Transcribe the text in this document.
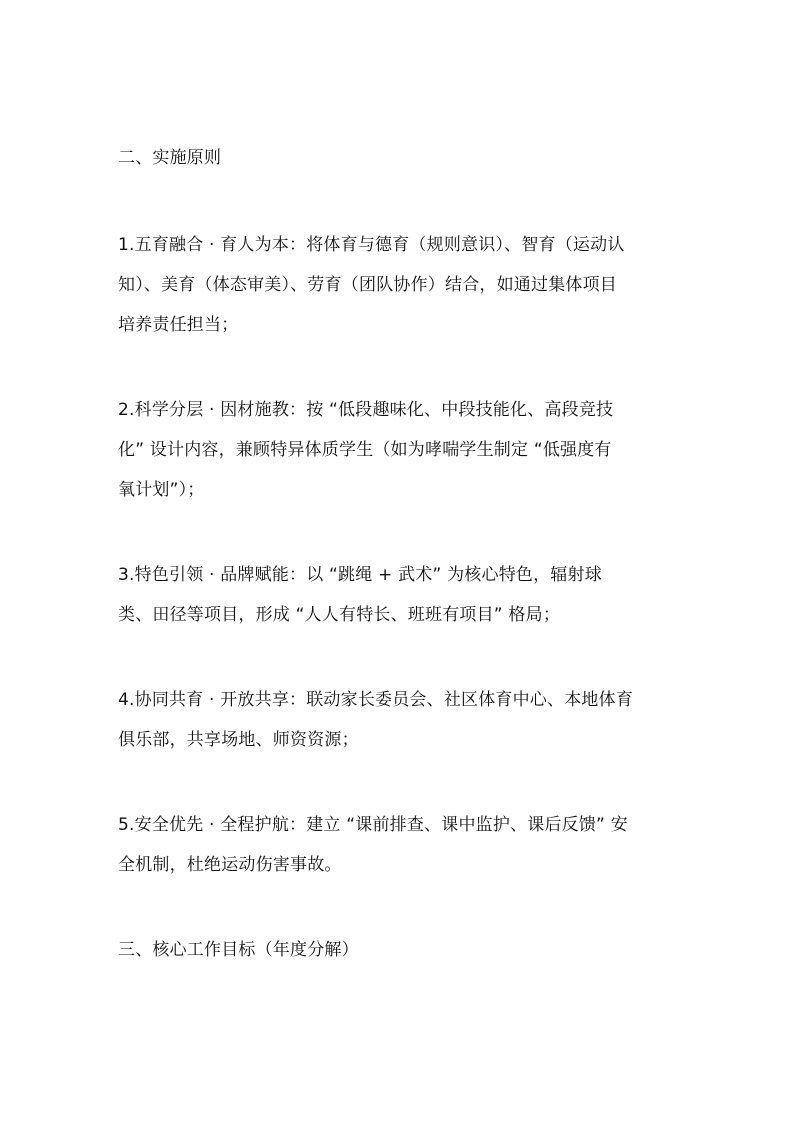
二、实施原则
1.五育融合 · 育人为本：将体育与德育（规则意识）、智育（运动认
知）、美育（体态审美）、劳育（团队协作）结合，如通过集体项目
培养责任担当；
2.科学分层 · 因材施教：按 “低段趣味化、中段技能化、高段竞技
化” 设计内容，兼顾特异体质学生（如为哮喘学生制定 “低强度有
氧计划”）；
3.特色引领 · 品牌赋能：以 “跳绳 + 武术” 为核心特色，辐射球
类、田径等项目，形成 “人人有特长、班班有项目” 格局；
4.协同共育 · 开放共享：联动家长委员会、社区体育中心、本地体育
俱乐部，共享场地、师资资源；
5.安全优先 · 全程护航：建立 “课前排查、课中监护、课后反馈” 安
全机制，杜绝运动伤害事故。
三、核心工作目标（年度分解）
